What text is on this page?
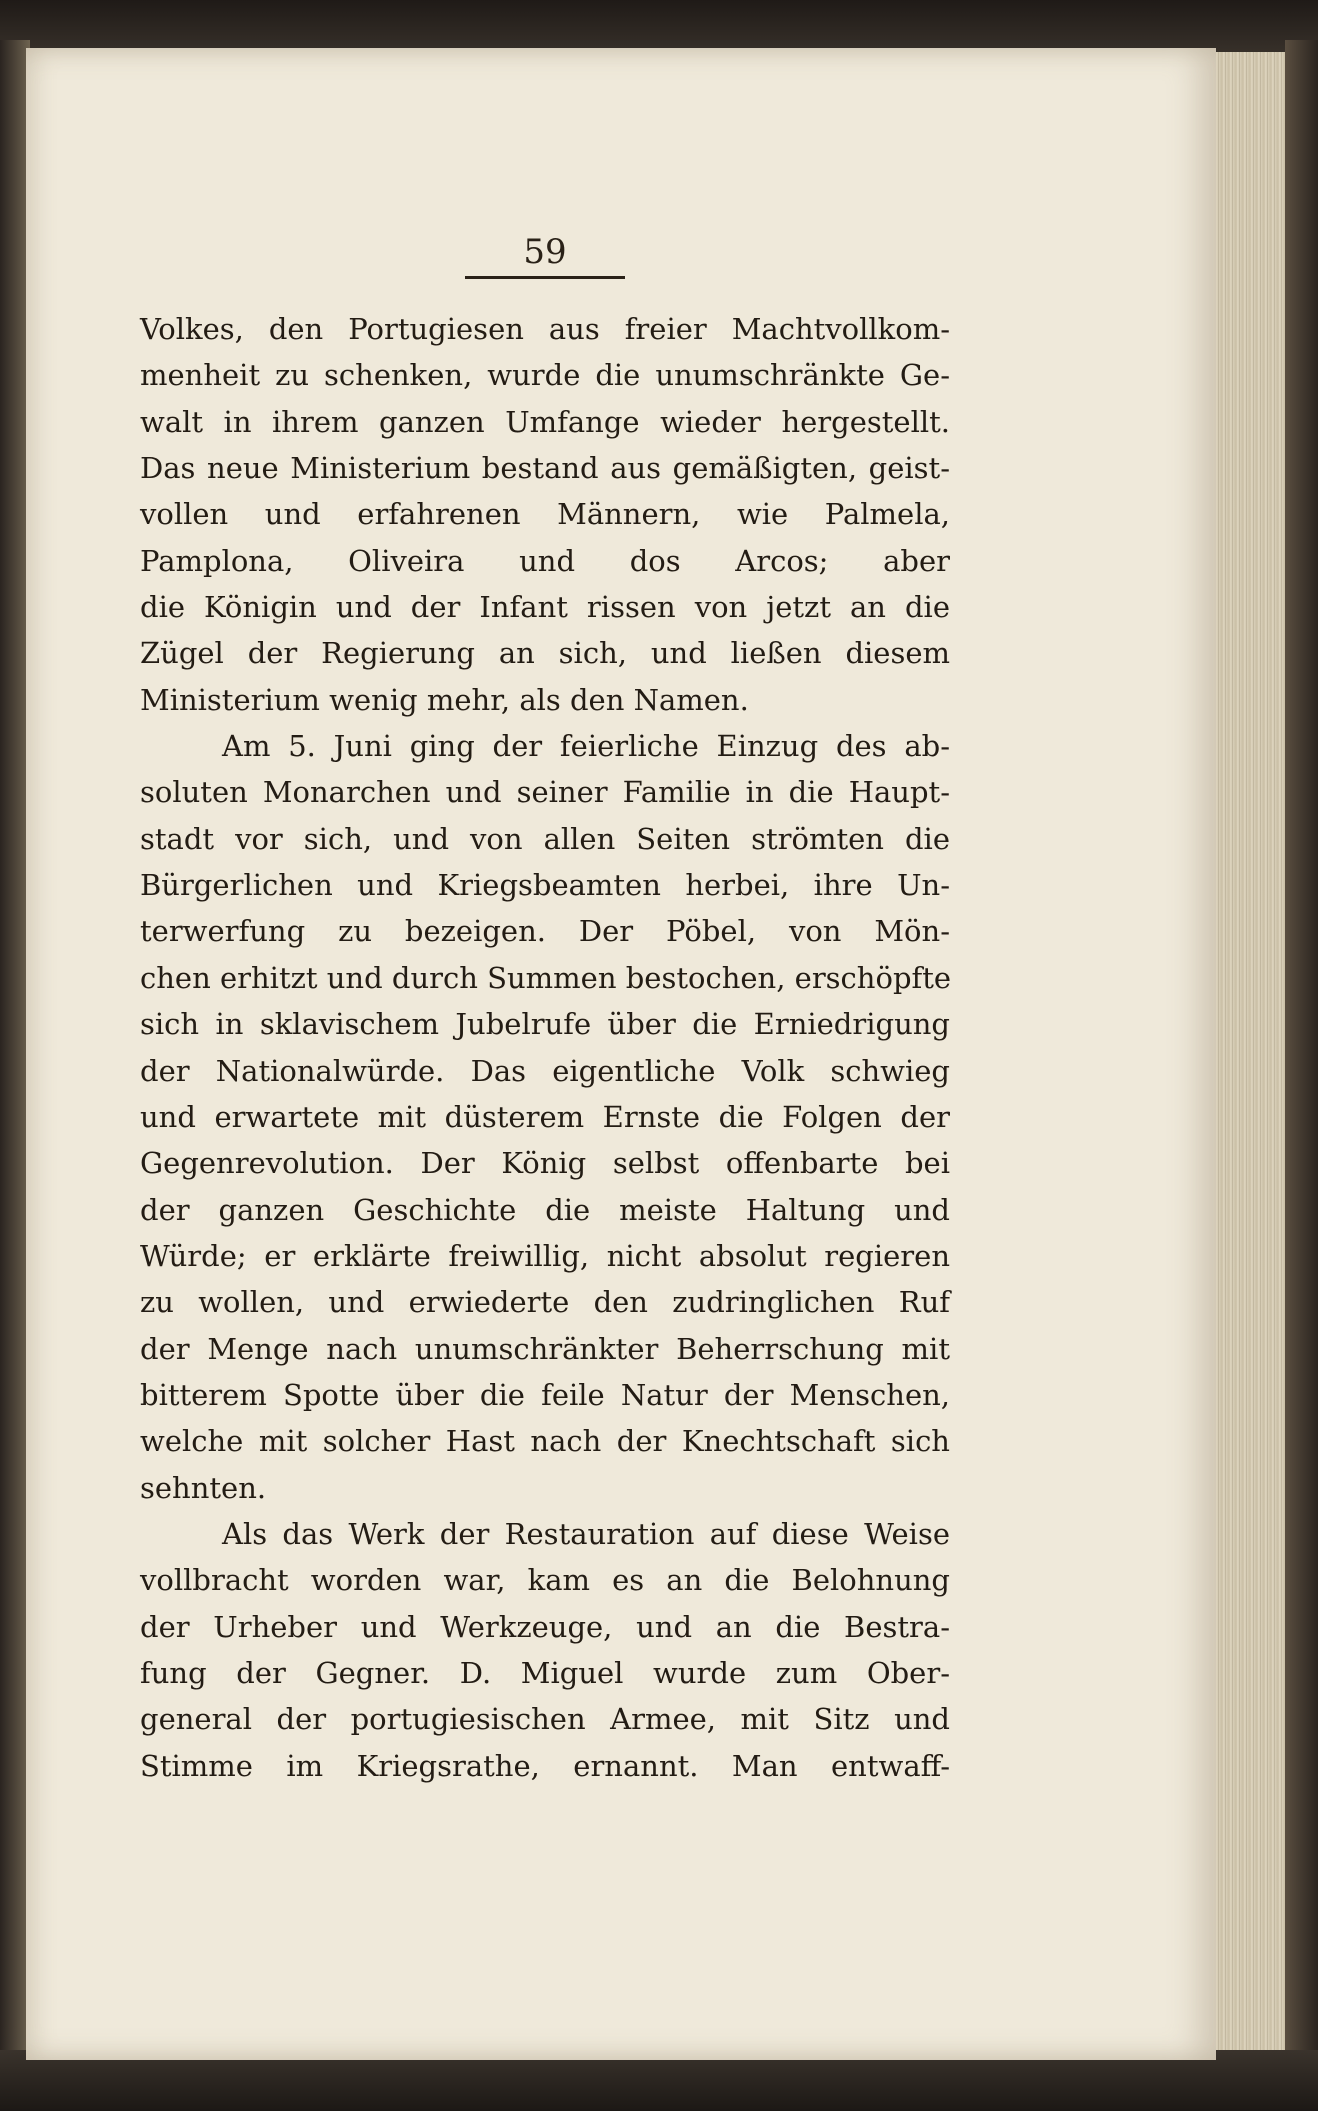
59
Volkes, den Portugiesen aus freier Machtvollkom-
menheit zu schenken, wurde die unumschränkte Ge-
walt in ihrem ganzen Umfange wieder hergestellt.
Das neue Ministerium bestand aus gemäßigten, geist-
vollen und erfahrenen Männern, wie Palmela,
Pamplona, Oliveira und dos Arcos; aber
die Königin und der Infant rissen von jetzt an die
Zügel der Regierung an sich, und ließen diesem
Ministerium wenig mehr, als den Namen.
Am 5. Juni ging der feierliche Einzug des ab-
soluten Monarchen und seiner Familie in die Haupt-
stadt vor sich, und von allen Seiten strömten die
Bürgerlichen und Kriegsbeamten herbei, ihre Un-
terwerfung zu bezeigen. Der Pöbel, von Mön-
chen erhitzt und durch Summen bestochen, erschöpfte
sich in sklavischem Jubelrufe über die Erniedrigung
der Nationalwürde. Das eigentliche Volk schwieg
und erwartete mit düsterem Ernste die Folgen der
Gegenrevolution. Der König selbst offenbarte bei
der ganzen Geschichte die meiste Haltung und
Würde; er erklärte freiwillig, nicht absolut regieren
zu wollen, und erwiederte den zudringlichen Ruf
der Menge nach unumschränkter Beherrschung mit
bitterem Spotte über die feile Natur der Menschen,
welche mit solcher Hast nach der Knechtschaft sich
sehnten.
Als das Werk der Restauration auf diese Weise
vollbracht worden war, kam es an die Belohnung
der Urheber und Werkzeuge, und an die Bestra-
fung der Gegner. D. Miguel wurde zum Ober-
general der portugiesischen Armee, mit Sitz und
Stimme im Kriegsrathe, ernannt. Man entwaff-
